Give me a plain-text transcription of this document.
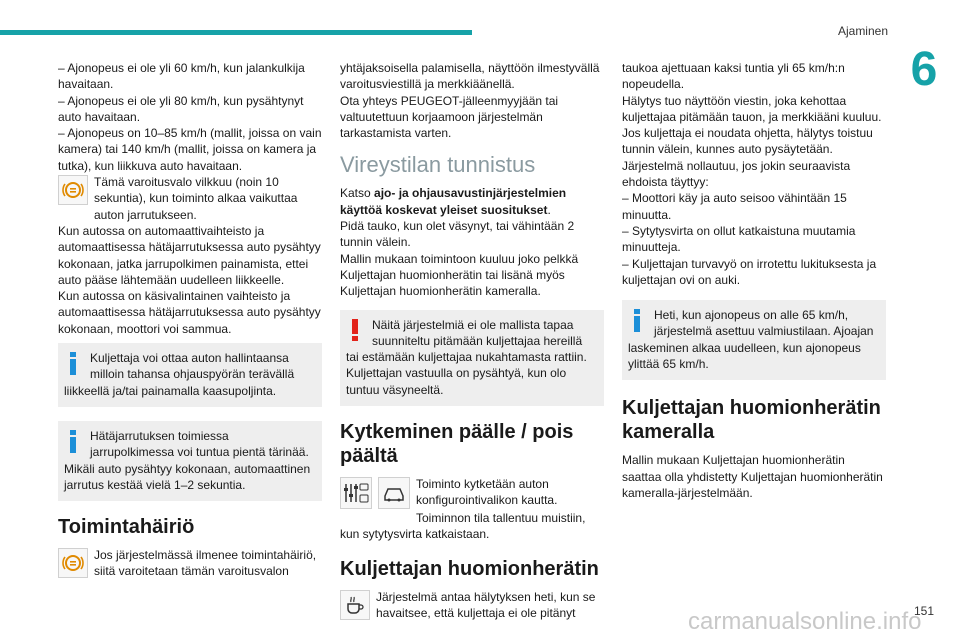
Ajaminen
6

– Ajonopeus ei ole yli 60 km/h, kun jalankulkija havaitaan.

– Ajonopeus ei ole yli 80 km/h, kun pysähtynyt auto havaitaan.

– Ajonopeus on 10–85 km/h (mallit, joissa on vain kamera) tai 140 km/h (mallit, joissa on kamera ja tutka), kun liikkuva auto havaitaan.

Tämä varoitusvalo vilkkuu (noin 10 sekuntia), kun toiminto alkaa vaikuttaa auton jarrutukseen.

Kun autossa on automaattivaihteisto ja automaattisessa hätäjarrutuksessa auto pysähtyy kokonaan, jatka jarrupolkimen painamista, ettei auto pääse lähtemään uudelleen liikkeelle.

Kun autossa on käsivalintainen vaihteisto ja automaattisessa hätäjarrutuksessa auto pysähtyy kokonaan, moottori voi sammua.

Kuljettaja voi ottaa auton hallintaansa milloin tahansa ohjauspyörän terävällä liikkeellä ja/tai painamalla kaasupoljinta.
Hätäjarrutuksen toimiessa jarrupolkimessa voi tuntua pientä tärinää. Mikäli auto pysähtyy kokonaan, automaattinen jarrutus kestää vielä 1–2 sekuntia.
Toimintahäiriö

Jos järjestelmässä ilmenee toimintahäiriö, siitä varoitetaan tämän varoitusvalon

yhtäjaksoisella palamisella, näyttöön ilmestyvällä varoitusviestillä ja merkkiäänellä.

Ota yhteys PEUGEOT-jälleenmyyjään tai valtuutettuun korjaamoon järjestelmän tarkastamista varten.

Vireystilan tunnistus

Katso ajo- ja ohjausavustinjärjestelmien käyttöä koskevat yleiset suositukset.

Pidä tauko, kun olet väsynyt, tai vähintään 2 tunnin välein.

Mallin mukaan toimintoon kuuluu joko pelkkä Kuljettajan huomionherätin tai lisänä myös Kuljettajan huomionherätin kameralla.

Näitä järjestelmiä ei ole mallista tapaa suunniteltu pitämään kuljettajaa hereillä tai estämään kuljettajaa nukahtamasta rattiin. Kuljettajan vastuulla on pysähtyä, kun olo tuntuu väsyneeltä.
Kytkeminen päälle / pois päältä

Toiminto kytketään auton konfigurointivalikon kautta.

Toiminnon tila tallentuu muistiin, kun sytytysvirta katkaistaan.

Kuljettajan huomionherätin

Järjestelmä antaa hälytyksen heti, kun se havaitsee, että kuljettaja ei ole pitänyt

taukoa ajettuaan kaksi tuntia yli 65 km/h:n nopeudella.

Hälytys tuo näyttöön viestin, joka kehottaa kuljettajaa pitämään tauon, ja merkkiääni kuuluu.

Jos kuljettaja ei noudata ohjetta, hälytys toistuu tunnin välein, kunnes auto pysäytetään.

Järjestelmä nollautuu, jos jokin seuraavista ehdoista täyttyy:

– Moottori käy ja auto seisoo vähintään 15 minuutta.

– Sytytysvirta on ollut katkaistuna muutamia minuutteja.

– Kuljettajan turvavyö on irrotettu lukituksesta ja kuljettajan ovi on auki.

Heti, kun ajonopeus on alle 65 km/h, järjestelmä asettuu valmiustilaan. Ajoajan laskeminen alkaa uudelleen, kun ajonopeus ylittää 65 km/h.
Kuljettajan huomionherätin kameralla

Mallin mukaan Kuljettajan huomionherätin saattaa olla yhdistetty Kuljettajan huomionherätin kameralla-järjestelmään.

carmanualsonline.info
151
